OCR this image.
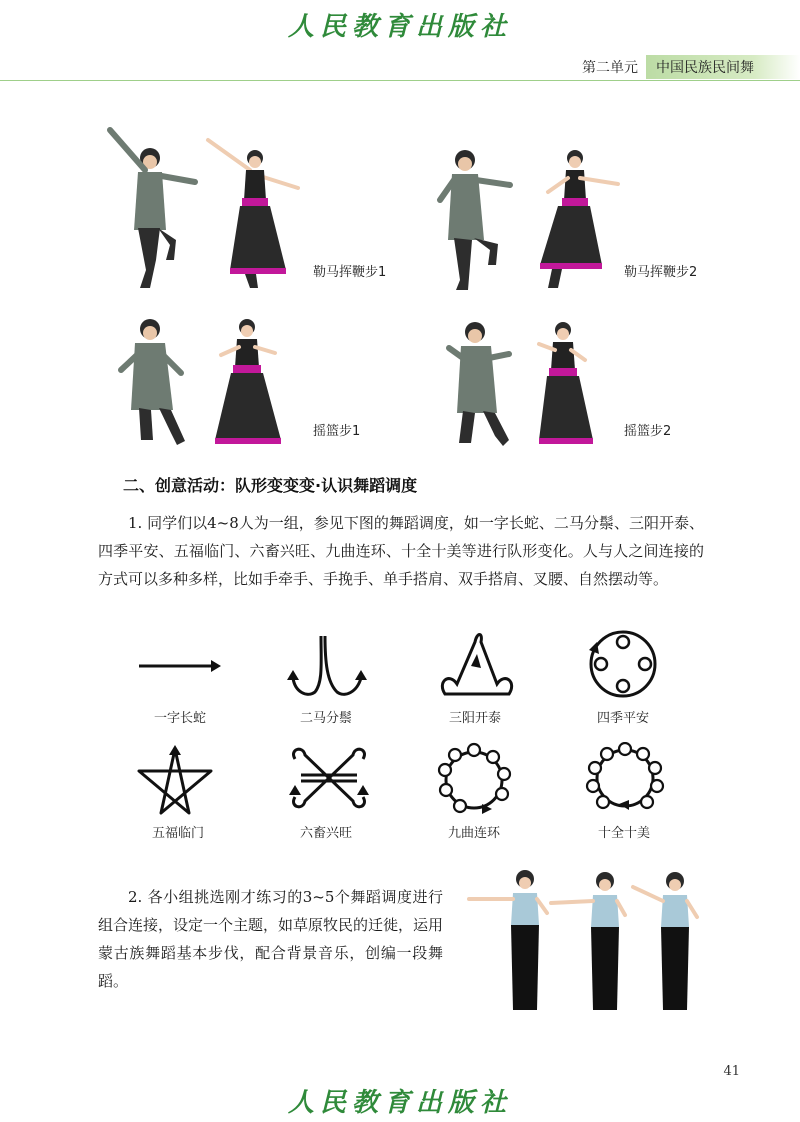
人民教育出版社
第二单元	中国民族民间舞
勒马挥鞭步1	勒马挥鞭步2
摇篮步1	摇篮步2
二、创意活动：队形变变变·认识舞蹈调度
1. 同学们以4~8人为一组，参见下图的舞蹈调度，如一字长蛇、二马分鬃、三阳开泰、四季平安、五福临门、六畜兴旺、九曲连环、十全十美等进行队形变化。人与人之间连接的方式可以多种多样，比如手牵手、手挽手、单手搭肩、双手搭肩、叉腰、自然摆动等。
一字长蛇	二马分鬃	三阳开泰	四季平安
五福临门	六畜兴旺	九曲连环	十全十美
2. 各小组挑选刚才练习的3~5个舞蹈调度进行组合连接，设定一个主题，如草原牧民的迁徙，运用蒙古族舞蹈基本步伐，配合背景音乐，创编一段舞蹈。
41
人民教育出版社
